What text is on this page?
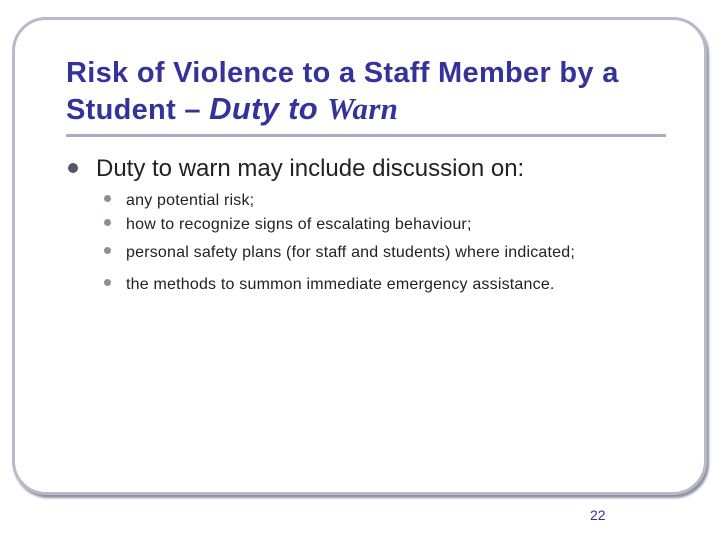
Risk of Violence to a Staff Member by a Student – Duty to Warn
Duty to warn may include discussion on:
any potential risk;
how to recognize signs of escalating behaviour;
personal safety plans (for staff and students) where indicated;
the methods to summon immediate emergency assistance.
22
